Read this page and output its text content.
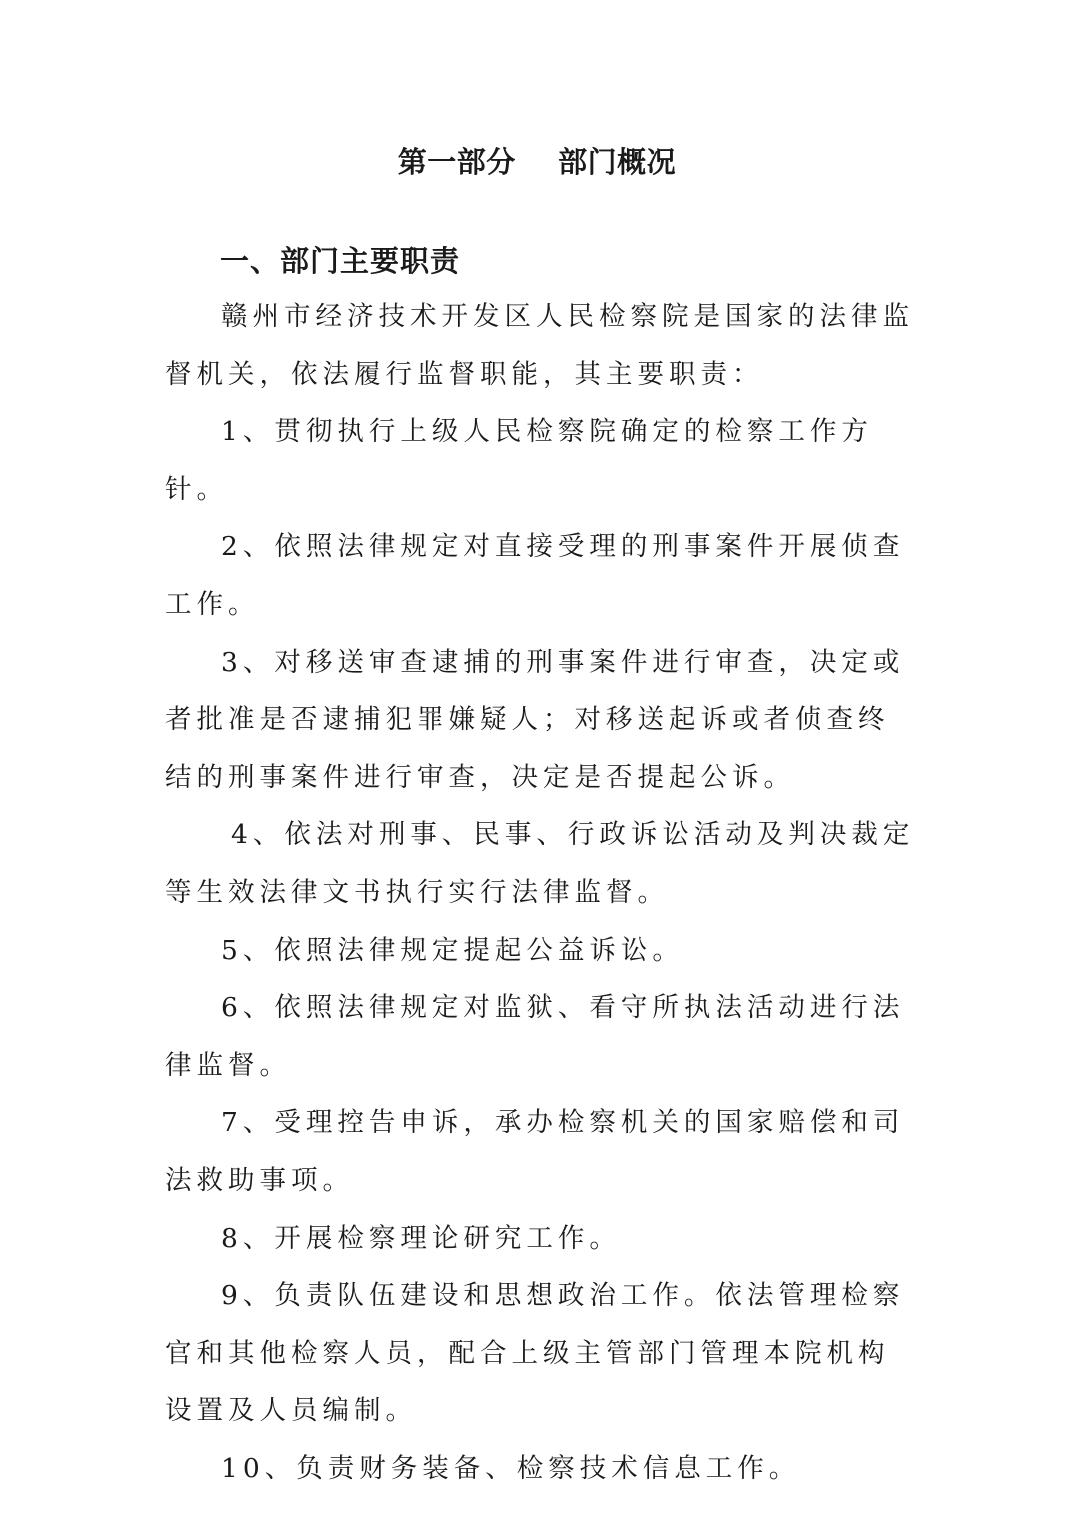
第一部分    部门概况
一、部门主要职责

赣州市经济技术开发区人民检察院是国家的法律监督机关，依法履行监督职能，其主要职责：

1、贯彻执行上级人民检察院确定的检察工作方针。

2、依照法律规定对直接受理的刑事案件开展侦查工作。

3、对移送审查逮捕的刑事案件进行审查，决定或者批准是否逮捕犯罪嫌疑人；对移送起诉或者侦查终结的刑事案件进行审查，决定是否提起公诉。

4、依法对刑事、民事、行政诉讼活动及判决裁定等生效法律文书执行实行法律监督。

5、依照法律规定提起公益诉讼。

6、依照法律规定对监狱、看守所执法活动进行法律监督。

7、受理控告申诉，承办检察机关的国家赔偿和司法救助事项。

8、开展检察理论研究工作。

9、负责队伍建设和思想政治工作。依法管理检察官和其他检察人员，配合上级主管部门管理本院机构设置及人员编制。

10、负责财务装备、检察技术信息工作。
